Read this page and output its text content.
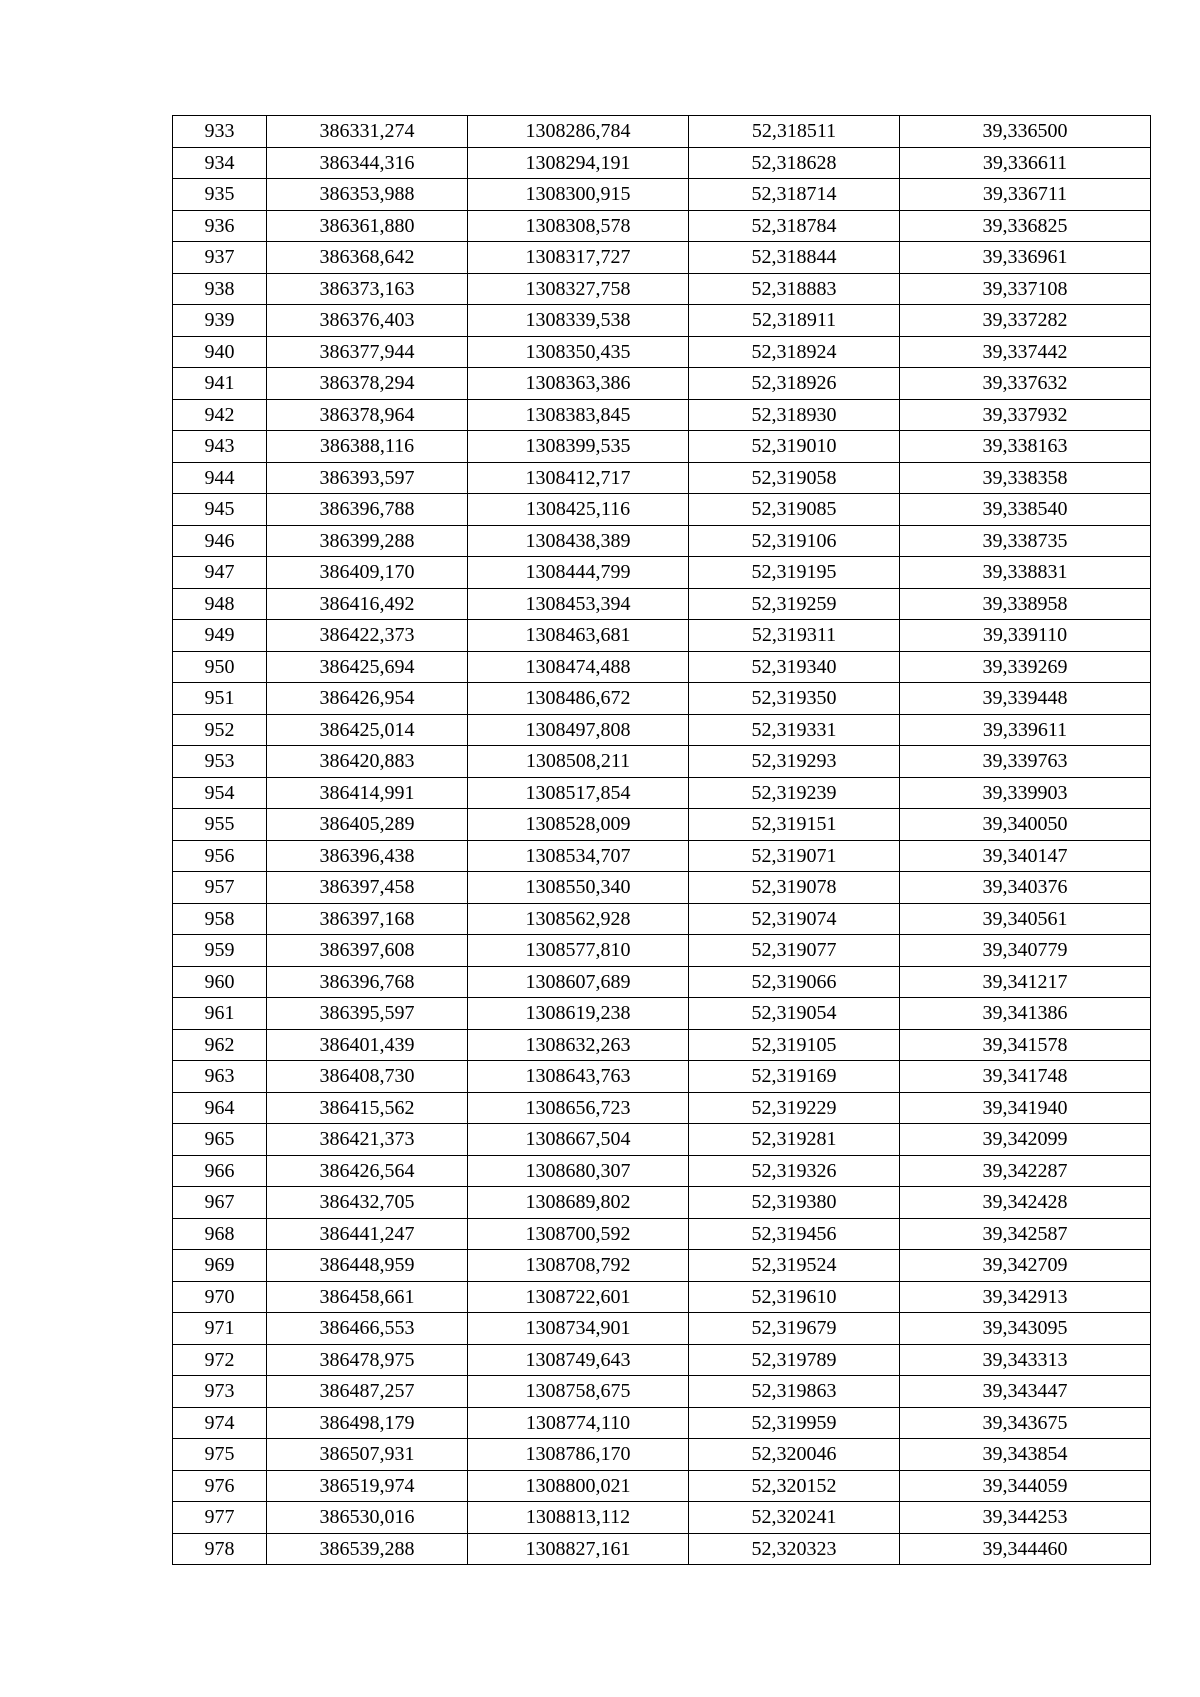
933	386331,274	1308286,784	52,318511	39,336500
934	386344,316	1308294,191	52,318628	39,336611
935	386353,988	1308300,915	52,318714	39,336711
936	386361,880	1308308,578	52,318784	39,336825
937	386368,642	1308317,727	52,318844	39,336961
938	386373,163	1308327,758	52,318883	39,337108
939	386376,403	1308339,538	52,318911	39,337282
940	386377,944	1308350,435	52,318924	39,337442
941	386378,294	1308363,386	52,318926	39,337632
942	386378,964	1308383,845	52,318930	39,337932
943	386388,116	1308399,535	52,319010	39,338163
944	386393,597	1308412,717	52,319058	39,338358
945	386396,788	1308425,116	52,319085	39,338540
946	386399,288	1308438,389	52,319106	39,338735
947	386409,170	1308444,799	52,319195	39,338831
948	386416,492	1308453,394	52,319259	39,338958
949	386422,373	1308463,681	52,319311	39,339110
950	386425,694	1308474,488	52,319340	39,339269
951	386426,954	1308486,672	52,319350	39,339448
952	386425,014	1308497,808	52,319331	39,339611
953	386420,883	1308508,211	52,319293	39,339763
954	386414,991	1308517,854	52,319239	39,339903
955	386405,289	1308528,009	52,319151	39,340050
956	386396,438	1308534,707	52,319071	39,340147
957	386397,458	1308550,340	52,319078	39,340376
958	386397,168	1308562,928	52,319074	39,340561
959	386397,608	1308577,810	52,319077	39,340779
960	386396,768	1308607,689	52,319066	39,341217
961	386395,597	1308619,238	52,319054	39,341386
962	386401,439	1308632,263	52,319105	39,341578
963	386408,730	1308643,763	52,319169	39,341748
964	386415,562	1308656,723	52,319229	39,341940
965	386421,373	1308667,504	52,319281	39,342099
966	386426,564	1308680,307	52,319326	39,342287
967	386432,705	1308689,802	52,319380	39,342428
968	386441,247	1308700,592	52,319456	39,342587
969	386448,959	1308708,792	52,319524	39,342709
970	386458,661	1308722,601	52,319610	39,342913
971	386466,553	1308734,901	52,319679	39,343095
972	386478,975	1308749,643	52,319789	39,343313
973	386487,257	1308758,675	52,319863	39,343447
974	386498,179	1308774,110	52,319959	39,343675
975	386507,931	1308786,170	52,320046	39,343854
976	386519,974	1308800,021	52,320152	39,344059
977	386530,016	1308813,112	52,320241	39,344253
978	386539,288	1308827,161	52,320323	39,344460
